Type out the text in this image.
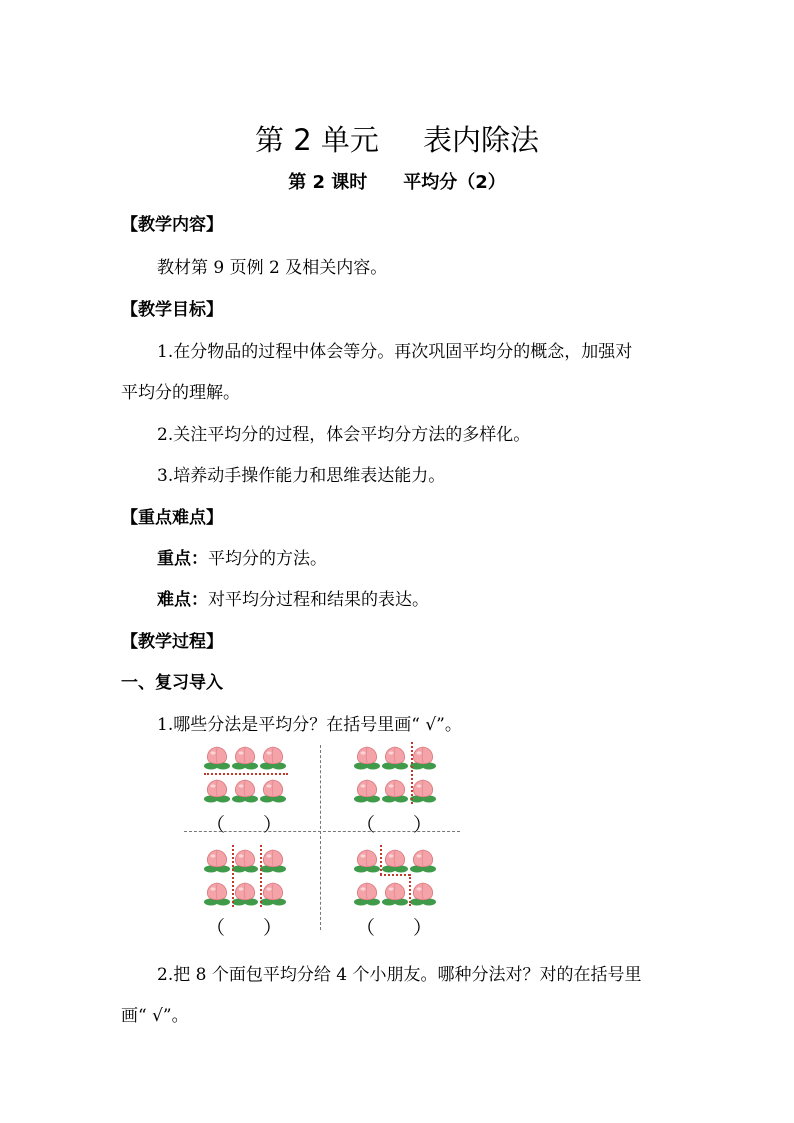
第 2 单元 表内除法
第 2 课时 平均分（2）
【教学内容】
教材第 9 页例 2 及相关内容。
【教学目标】
1.在分物品的过程中体会等分。再次巩固平均分的概念，加强对
平均分的理解。
2.关注平均分的过程，体会平均分方法的多样化。
3.培养动手操作能力和思维表达能力。
【重点难点】
重点：平均分的方法。
难点：对平均分过程和结果的表达。
【教学过程】
一、复习导入
1.哪些分法是平均分？在括号里画“ √”。
（　　）	（　　）
（　　）	（　　）
2.把 8 个面包平均分给 4 个小朋友。哪种分法对？对的在括号里
画“ √”。
